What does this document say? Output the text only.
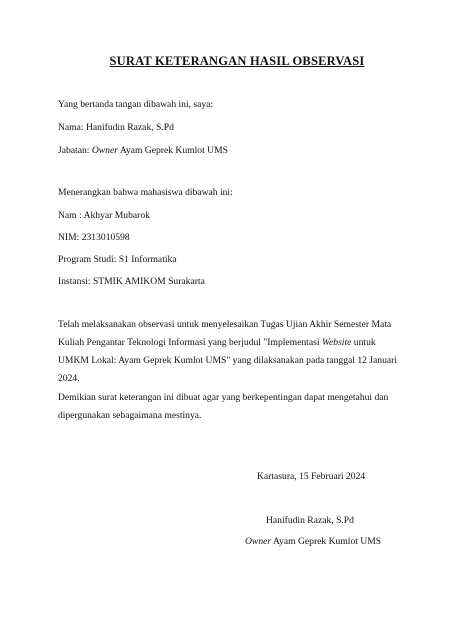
SURAT KETERANGAN HASIL OBSERVASI
Yang bertanda tangan dibawah ini, saya:
Nama: Hanifudin Razak, S.Pd
Jabatan: Owner Ayam Geprek Kumlot UMS
Menerangkan bahwa mahasiswa dibawah ini:
Nam : Akhyar Mubarok
NIM: 2313010598
Program Studi: S1 Informatika
Instansi: STMIK AMIKOM Surakarta
Telah melaksanakan observasi untuk menyelesaikan Tugas Ujian Akhir Semester Mata Kuliah Pengantar Teknologi Informasi yang berjudul "Implementasi Website untuk UMKM Lokal: Ayam Geprek Kumlot UMS" yang dilaksanakan pada tanggal 12 Januari 2024.
Demikian surat keterangan ini dibuat agar yang berkepentingan dapat mengetahui dan dipergunakan sebagaimana mestinya.
Kartasura, 15 Februari 2024
Hanifudin Razak, S.Pd
Owner Ayam Geprek Kumlot UMS
